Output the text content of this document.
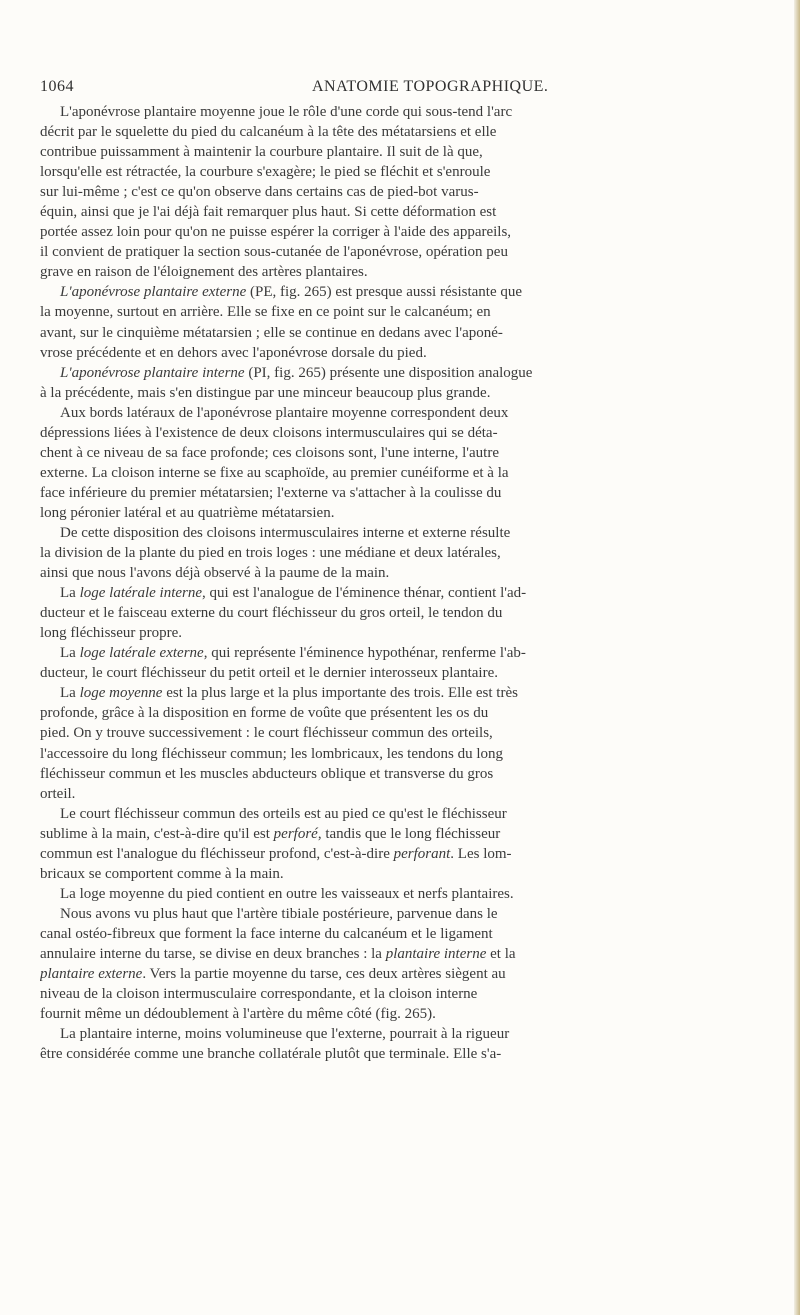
1064	ANATOMIE TOPOGRAPHIQUE.
L'aponévrose plantaire moyenne joue le rôle d'une corde qui sous-tend l'arc
décrit par le squelette du pied du calcanéum à la tête des métatarsiens et elle
contribue puissamment à maintenir la courbure plantaire. Il suit de là que,
lorsqu'elle est rétractée, la courbure s'exagère; le pied se fléchit et s'enroule
sur lui-même ; c'est ce qu'on observe dans certains cas de pied-bot varus-
équin, ainsi que je l'ai déjà fait remarquer plus haut. Si cette déformation est
portée assez loin pour qu'on ne puisse espérer la corriger à l'aide des appareils,
il convient de pratiquer la section sous-cutanée de l'aponévrose, opération peu
grave en raison de l'éloignement des artères plantaires.
L'aponévrose plantaire externe (PE, fig. 265) est presque aussi résistante que
la moyenne, surtout en arrière. Elle se fixe en ce point sur le calcanéum; en
avant, sur le cinquième métatarsien ; elle se continue en dedans avec l'aponé-
vrose précédente et en dehors avec l'aponévrose dorsale du pied.
L'aponévrose plantaire interne (PI, fig. 265) présente une disposition analogue
à la précédente, mais s'en distingue par une minceur beaucoup plus grande.
Aux bords latéraux de l'aponévrose plantaire moyenne correspondent deux
dépressions liées à l'existence de deux cloisons intermusculaires qui se déta-
chent à ce niveau de sa face profonde; ces cloisons sont, l'une interne, l'autre
externe. La cloison interne se fixe au scaphoïde, au premier cunéiforme et à la
face inférieure du premier métatarsien; l'externe va s'attacher à la coulisse du
long péronier latéral et au quatrième métatarsien.
De cette disposition des cloisons intermusculaires interne et externe résulte
la division de la plante du pied en trois loges : une médiane et deux latérales,
ainsi que nous l'avons déjà observé à la paume de la main.
La loge latérale interne, qui est l'analogue de l'éminence thénar, contient l'ad-
ducteur et le faisceau externe du court fléchisseur du gros orteil, le tendon du
long fléchisseur propre.
La loge latérale externe, qui représente l'éminence hypothénar, renferme l'ab-
ducteur, le court fléchisseur du petit orteil et le dernier interosseux plantaire.
La loge moyenne est la plus large et la plus importante des trois. Elle est très
profonde, grâce à la disposition en forme de voûte que présentent les os du
pied. On y trouve successivement : le court fléchisseur commun des orteils,
l'accessoire du long fléchisseur commun; les lombricaux, les tendons du long
fléchisseur commun et les muscles abducteurs oblique et transverse du gros
orteil.
Le court fléchisseur commun des orteils est au pied ce qu'est le fléchisseur
sublime à la main, c'est-à-dire qu'il est perforé, tandis que le long fléchisseur
commun est l'analogue du fléchisseur profond, c'est-à-dire perforant. Les lom-
bricaux se comportent comme à la main.
La loge moyenne du pied contient en outre les vaisseaux et nerfs plantaires.
Nous avons vu plus haut que l'artère tibiale postérieure, parvenue dans le
canal ostéo-fibreux que forment la face interne du calcanéum et le ligament
annulaire interne du tarse, se divise en deux branches : la plantaire interne et la
plantaire externe. Vers la partie moyenne du tarse, ces deux artères siègent au
niveau de la cloison intermusculaire correspondante, et la cloison interne
fournit même un dédoublement à l'artère du même côté (fig. 265).
La plantaire interne, moins volumineuse que l'externe, pourrait à la rigueur
être considérée comme une branche collatérale plutôt que terminale. Elle s'a-
